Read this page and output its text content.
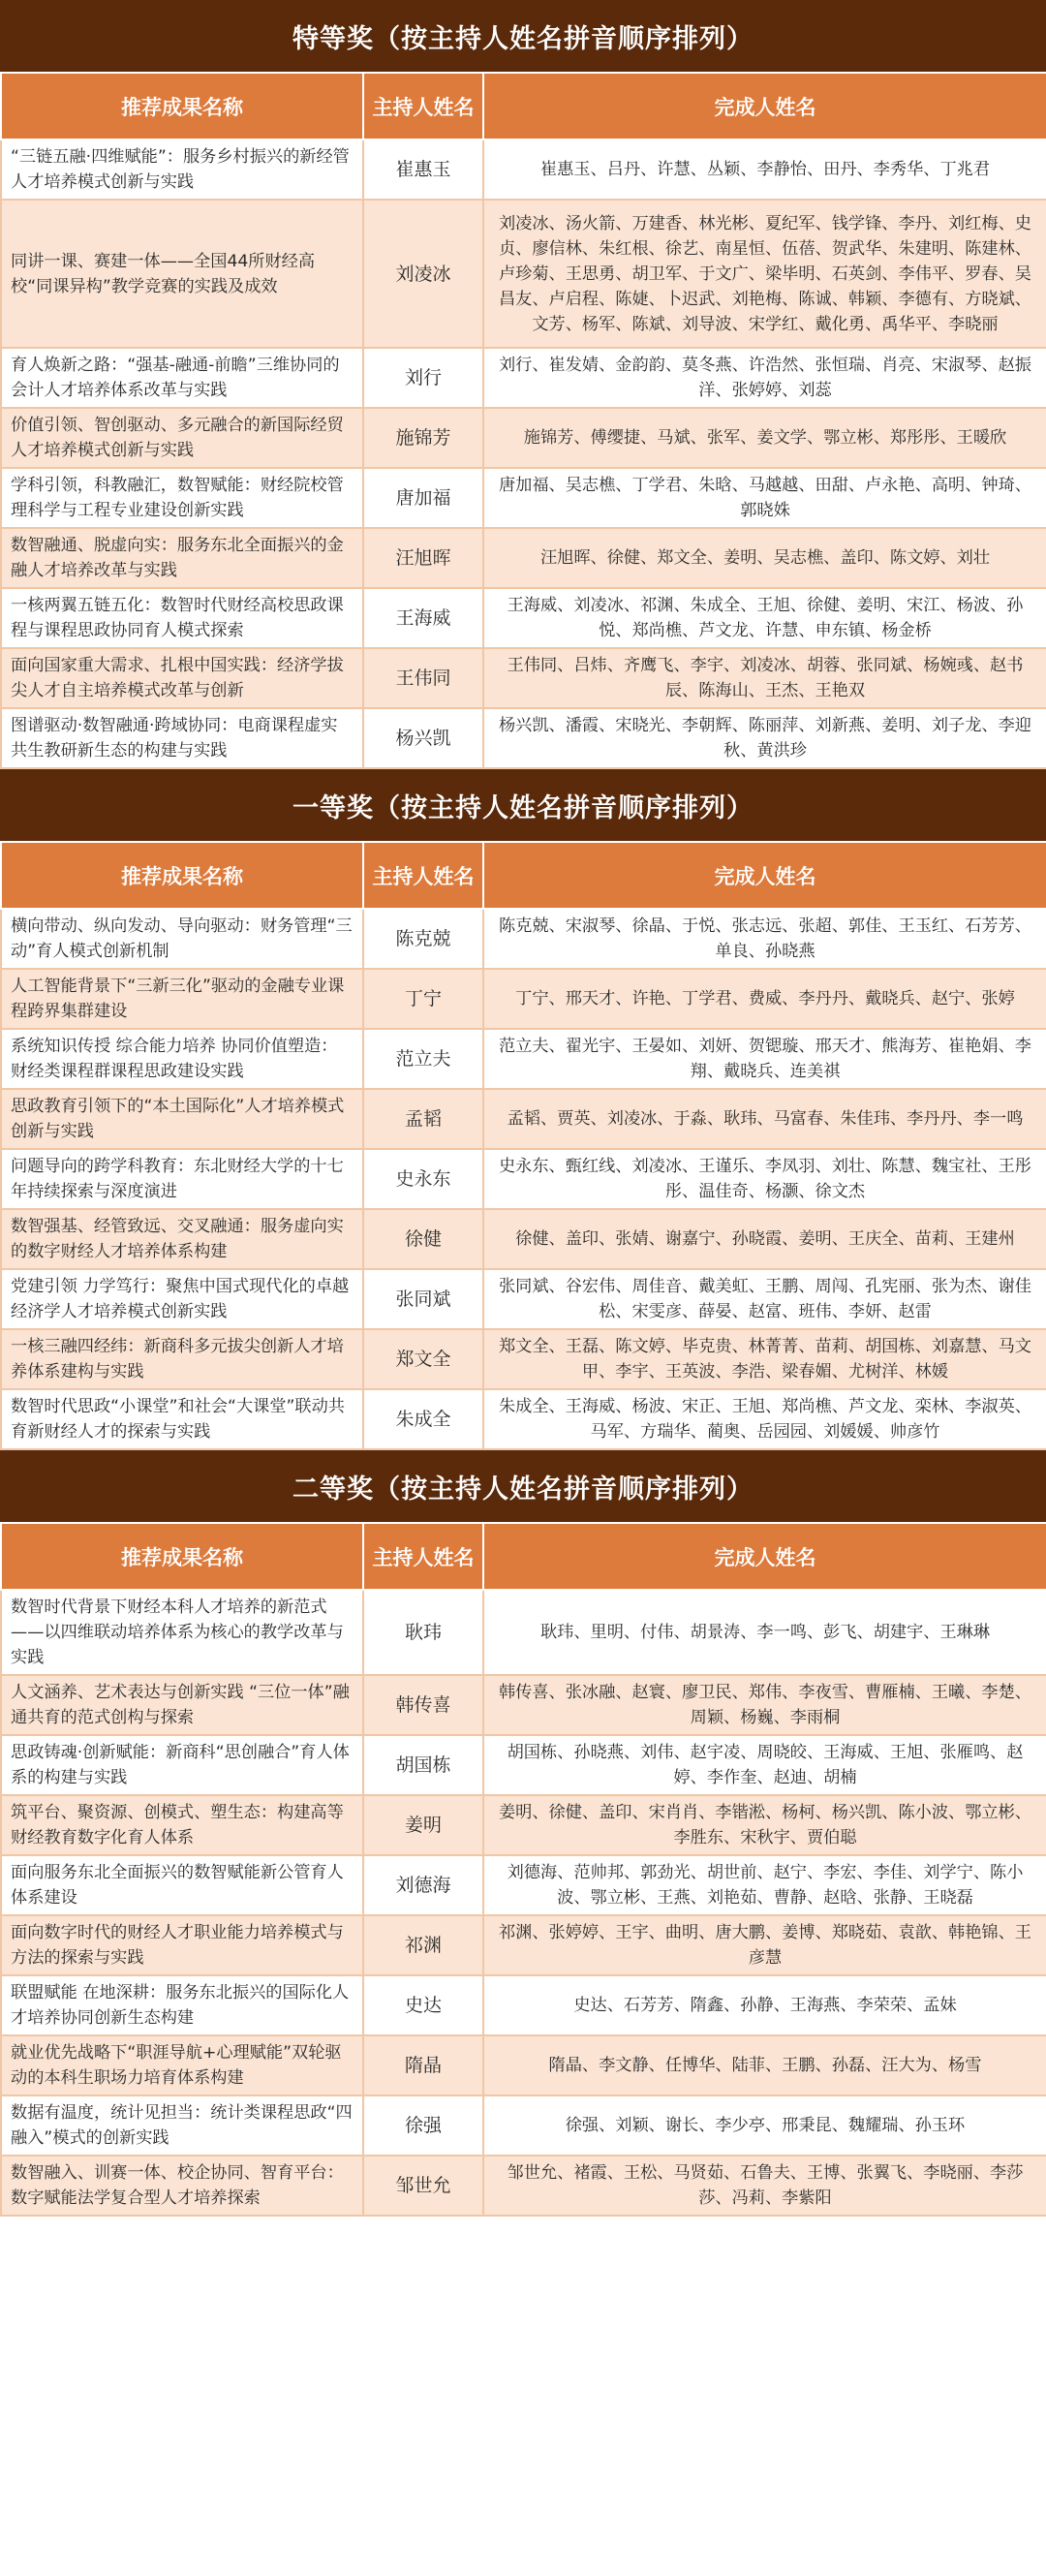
特等奖（按主持人姓名拼音顺序排列）
推荐成果名称	主持人姓名	完成人姓名
“三链五融·四维赋能”：服务乡村振兴的新经管人才培养模式创新与实践	崔惠玉	崔惠玉、吕丹、许慧、丛颖、李静怡、田丹、李秀华、丁兆君
同讲一课、赛建一体——全国44所财经高校“同课异构”教学竞赛的实践及成效	刘凌冰	刘凌冰、汤火箭、万建香、林光彬、夏纪军、钱学锋、李丹、刘红梅、史贞、廖信林、朱红根、徐艺、南星恒、伍蓓、贺武华、朱建明、陈建林、卢珍菊、王思勇、胡卫军、于文广、梁毕明、石英剑、李伟平、罗春、吴昌友、卢启程、陈婕、卜迟武、刘艳梅、陈诚、韩颖、李德有、方晓斌、文芳、杨军、陈斌、刘导波、宋学红、戴化勇、禹华平、李晓丽
育人焕新之路：“强基-融通-前瞻”三维协同的会计人才培养体系改革与实践	刘行	刘行、崔发婧、金韵韵、莫冬燕、许浩然、张恒瑞、肖亮、宋淑琴、赵振洋、张婷婷、刘蕊
价值引领、智创驱动、多元融合的新国际经贸人才培养模式创新与实践	施锦芳	施锦芳、傅缨捷、马斌、张军、姜文学、鄂立彬、郑彤彤、王暖欣
学科引领，科教融汇，数智赋能：财经院校管理科学与工程专业建设创新实践	唐加福	唐加福、吴志樵、丁学君、朱晗、马越越、田甜、卢永艳、高明、钟琦、郭晓姝
数智融通、脱虚向实：服务东北全面振兴的金融人才培养改革与实践	汪旭晖	汪旭晖、徐健、郑文全、姜明、吴志樵、盖印、陈文婷、刘壮
一核两翼五链五化：数智时代财经高校思政课程与课程思政协同育人模式探索	王海威	王海威、刘凌冰、祁渊、朱成全、王旭、徐健、姜明、宋江、杨波、孙悦、郑尚樵、芦文龙、许慧、申东镇、杨金桥
面向国家重大需求、扎根中国实践：经济学拔尖人才自主培养模式改革与创新	王伟同	王伟同、吕炜、齐鹰飞、李宇、刘凌冰、胡蓉、张同斌、杨婉彧、赵书辰、陈海山、王杰、王艳双
图谱驱动·数智融通·跨域协同：电商课程虚实共生教研新生态的构建与实践	杨兴凯	杨兴凯、潘霞、宋晓光、李朝辉、陈丽萍、刘新燕、姜明、刘子龙、李迎秋、黄洪珍
一等奖（按主持人姓名拼音顺序排列）
推荐成果名称	主持人姓名	完成人姓名
横向带动、纵向发动、导向驱动：财务管理“三动”育人模式创新机制	陈克兢	陈克兢、宋淑琴、徐晶、于悦、张志远、张超、郭佳、王玉红、石芳芳、单良、孙晓燕
人工智能背景下“三新三化”驱动的金融专业课程跨界集群建设	丁宁	丁宁、邢天才、许艳、丁学君、费威、李丹丹、戴晓兵、赵宁、张婷
系统知识传授 综合能力培养 协同价值塑造：财经类课程群课程思政建设实践	范立夫	范立夫、翟光宇、王晏如、刘妍、贺锶璇、邢天才、熊海芳、崔艳娟、李翔、戴晓兵、连美祺
思政教育引领下的“本土国际化”人才培养模式创新与实践	孟韬	孟韬、贾英、刘凌冰、于淼、耿玮、马富春、朱佳玮、李丹丹、李一鸣
问题导向的跨学科教育：东北财经大学的十七年持续探索与深度演进	史永东	史永东、甄红线、刘凌冰、王谨乐、李凤羽、刘壮、陈慧、魏宝社、王彤彤、温佳奇、杨灏、徐文杰
数智强基、经管致远、交叉融通：服务虚向实的数字财经人才培养体系构建	徐健	徐健、盖印、张婧、谢嘉宁、孙晓霞、姜明、王庆全、苗莉、王建州
党建引领 力学笃行：聚焦中国式现代化的卓越经济学人才培养模式创新实践	张同斌	张同斌、谷宏伟、周佳音、戴美虹、王鹏、周闯、孔宪丽、张为杰、谢佳松、宋雯彦、薛晏、赵富、班伟、李妍、赵雷
一核三融四经纬：新商科多元拔尖创新人才培养体系建构与实践	郑文全	郑文全、王磊、陈文婷、毕克贵、林菁菁、苗莉、胡国栋、刘嘉慧、马文甲、李宇、王英波、李浩、梁春媚、尤树洋、林媛
数智时代思政“小课堂”和社会“大课堂”联动共育新财经人才的探索与实践	朱成全	朱成全、王海威、杨波、宋正、王旭、郑尚樵、芦文龙、栾林、李淑英、马军、方瑞华、蔺奥、岳园园、刘媛媛、帅彦竹
二等奖（按主持人姓名拼音顺序排列）
推荐成果名称	主持人姓名	完成人姓名
数智时代背景下财经本科人才培养的新范式——以四维联动培养体系为核心的教学改革与实践	耿玮	耿玮、里明、付伟、胡景涛、李一鸣、彭飞、胡建宇、王琳琳
人文涵养、艺术表达与创新实践 “三位一体”融通共育的范式创构与探索	韩传喜	韩传喜、张冰融、赵寰、廖卫民、郑伟、李夜雪、曹雁楠、王曦、李楚、周颖、杨巍、李雨桐
思政铸魂·创新赋能：新商科“思创融合”育人体系的构建与实践	胡国栋	胡国栋、孙晓燕、刘伟、赵宇凌、周晓皎、王海威、王旭、张雁鸣、赵婷、李作奎、赵迪、胡楠
筑平台、聚资源、创模式、塑生态：构建高等财经教育数字化育人体系	姜明	姜明、徐健、盖印、宋肖肖、李锴淞、杨柯、杨兴凯、陈小波、鄂立彬、李胜东、宋秋宇、贾伯聪
面向服务东北全面振兴的数智赋能新公管育人体系建设	刘德海	刘德海、范帅邦、郭劲光、胡世前、赵宁、李宏、李佳、刘学宁、陈小波、鄂立彬、王燕、刘艳茹、曹静、赵晗、张静、王晓磊
面向数字时代的财经人才职业能力培养模式与方法的探索与实践	祁渊	祁渊、张婷婷、王宇、曲明、唐大鹏、姜博、郑晓茹、袁歆、韩艳锦、王彦慧
联盟赋能 在地深耕：服务东北振兴的国际化人才培养协同创新生态构建	史达	史达、石芳芳、隋鑫、孙静、王海燕、李荣荣、孟妹
就业优先战略下“职涯导航+心理赋能”双轮驱动的本科生职场力培育体系构建	隋晶	隋晶、李文静、任博华、陆菲、王鹏、孙磊、汪大为、杨雪
数据有温度，统计见担当：统计类课程思政“四融入”模式的创新实践	徐强	徐强、刘颖、谢长、李少亭、邢秉昆、魏耀瑞、孙玉环
数智融入、训赛一体、校企协同、智育平台：数字赋能法学复合型人才培养探索	邹世允	邹世允、褚霞、王松、马贤茹、石鲁夫、王博、张翼飞、李晓丽、李莎莎、冯莉、李紫阳
